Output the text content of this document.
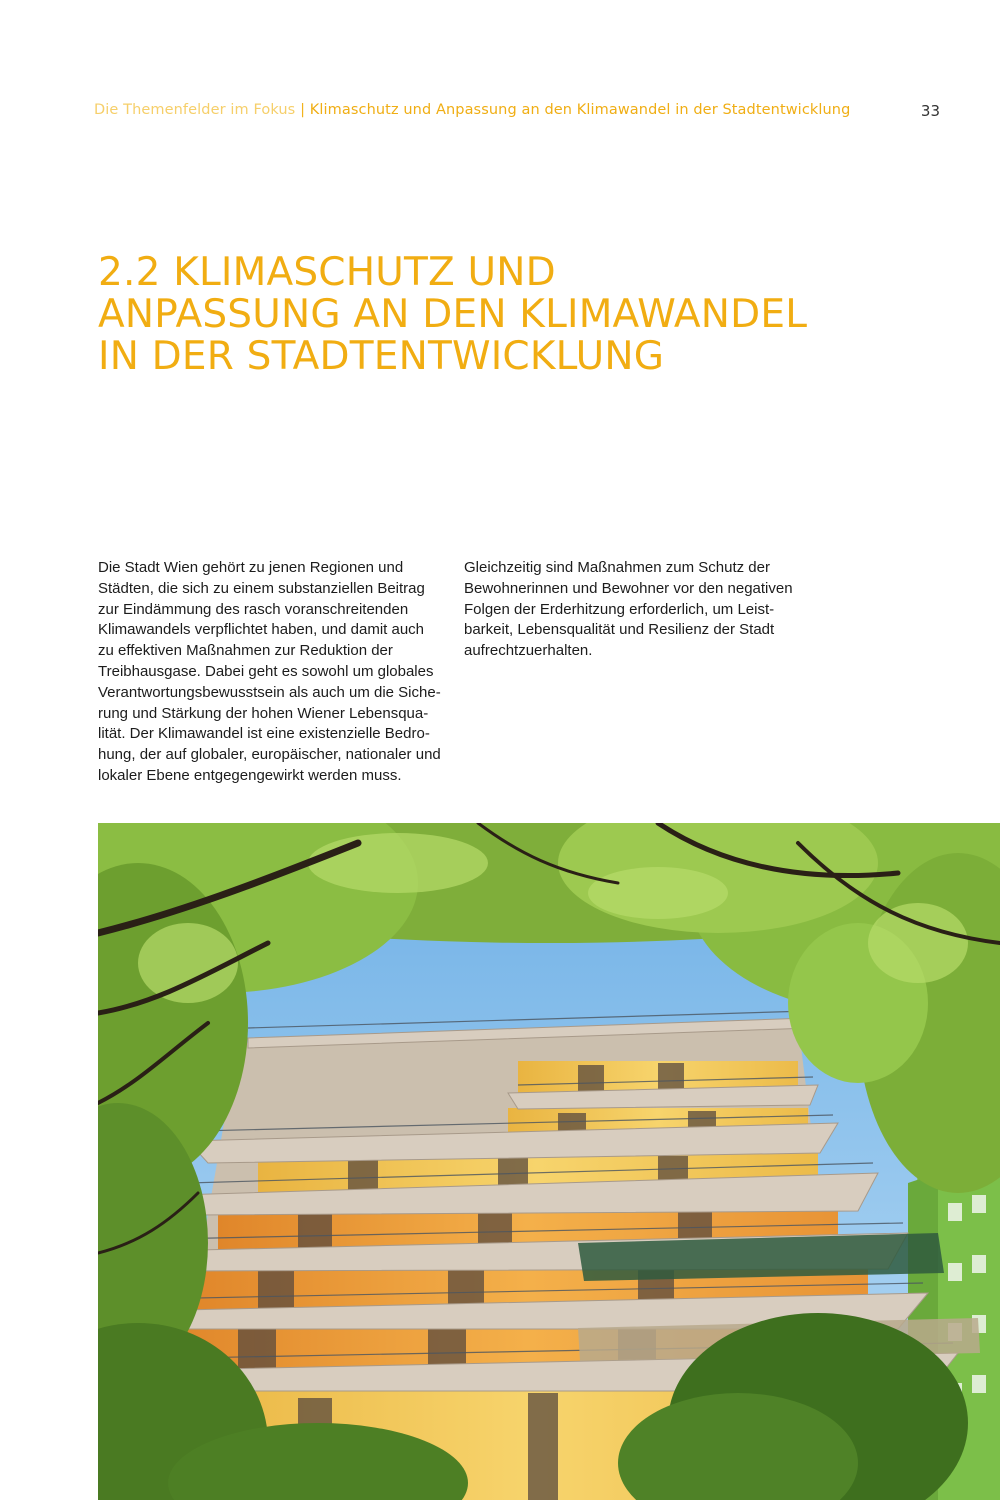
Die Themenfelder im Fokus | Klimaschutz und Anpassung an den Klimawandel in der Stadtentwicklung	33
2.2 KLIMASCHUTZ UND
ANPASSUNG AN DEN KLIMAWANDEL
IN DER STADTENTWICKLUNG
Die Stadt Wien gehört zu jenen Regionen und
Städten, die sich zu einem substanziellen Beitrag
zur Eindämmung des rasch voranschreitenden
Klimawandels verpflichtet haben, und damit auch
zu effektiven Maßnahmen zur Reduktion der
Treibhausgase. Dabei geht es sowohl um globales
Verantwortungsbewusstsein als auch um die Siche-
rung und Stärkung der hohen Wiener Lebensqua-
lität. Der Klimawandel ist eine existenzielle Bedro-
hung, der auf globaler, europäischer, nationaler und
lokaler Ebene entgegengewirkt werden muss.
Gleichzeitig sind Maßnahmen zum Schutz der
Bewohnerinnen und Bewohner vor den negativen
Folgen der Erderhitzung erforderlich, um Leist-
barkeit, Lebensqualität und Resilienz der Stadt
aufrechtzuerhalten.
